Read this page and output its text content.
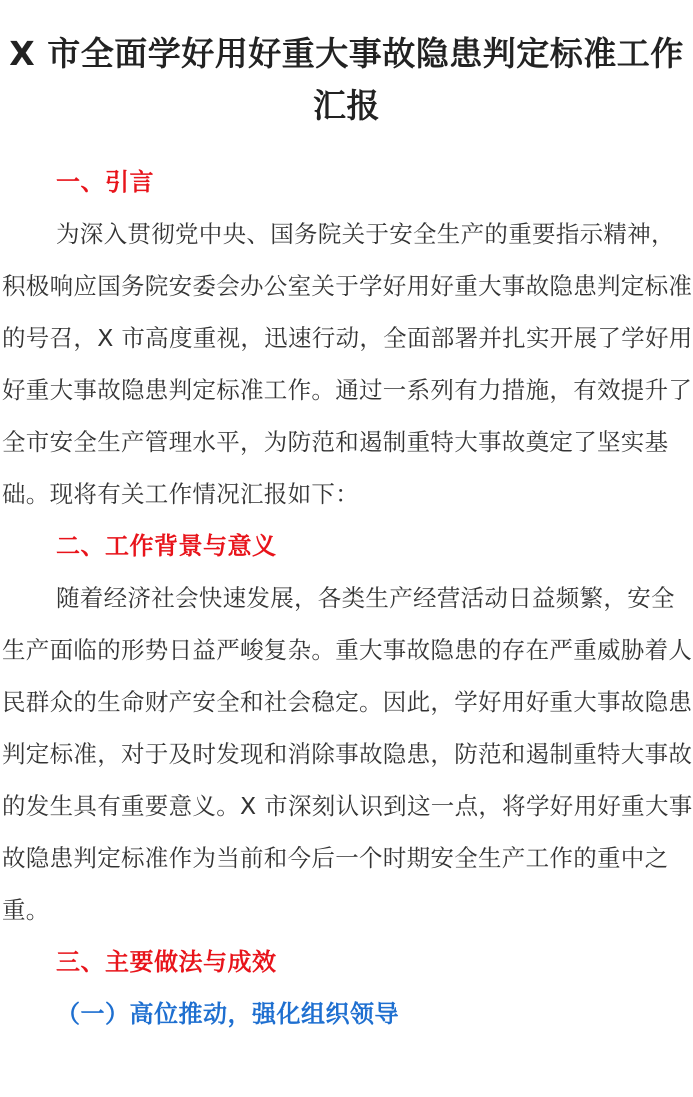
X 市全面学好用好重大事故隐患判定标准工作汇报
一、引言

为深入贯彻党中央、国务院关于安全生产的重要指示精神，积极响应国务院安委会办公室关于学好用好重大事故隐患判定标准的号召，X 市高度重视，迅速行动，全面部署并扎实开展了学好用好重大事故隐患判定标准工作。通过一系列有力措施，有效提升了全市安全生产管理水平，为防范和遏制重特大事故奠定了坚实基础。现将有关工作情况汇报如下：

二、工作背景与意义

随着经济社会快速发展，各类生产经营活动日益频繁，安全生产面临的形势日益严峻复杂。重大事故隐患的存在严重威胁着人民群众的生命财产安全和社会稳定。因此，学好用好重大事故隐患判定标准，对于及时发现和消除事故隐患，防范和遏制重特大事故的发生具有重要意义。X 市深刻认识到这一点，将学好用好重大事故隐患判定标准作为当前和今后一个时期安全生产工作的重中之重。

三、主要做法与成效
（一）高位推动，强化组织领导
